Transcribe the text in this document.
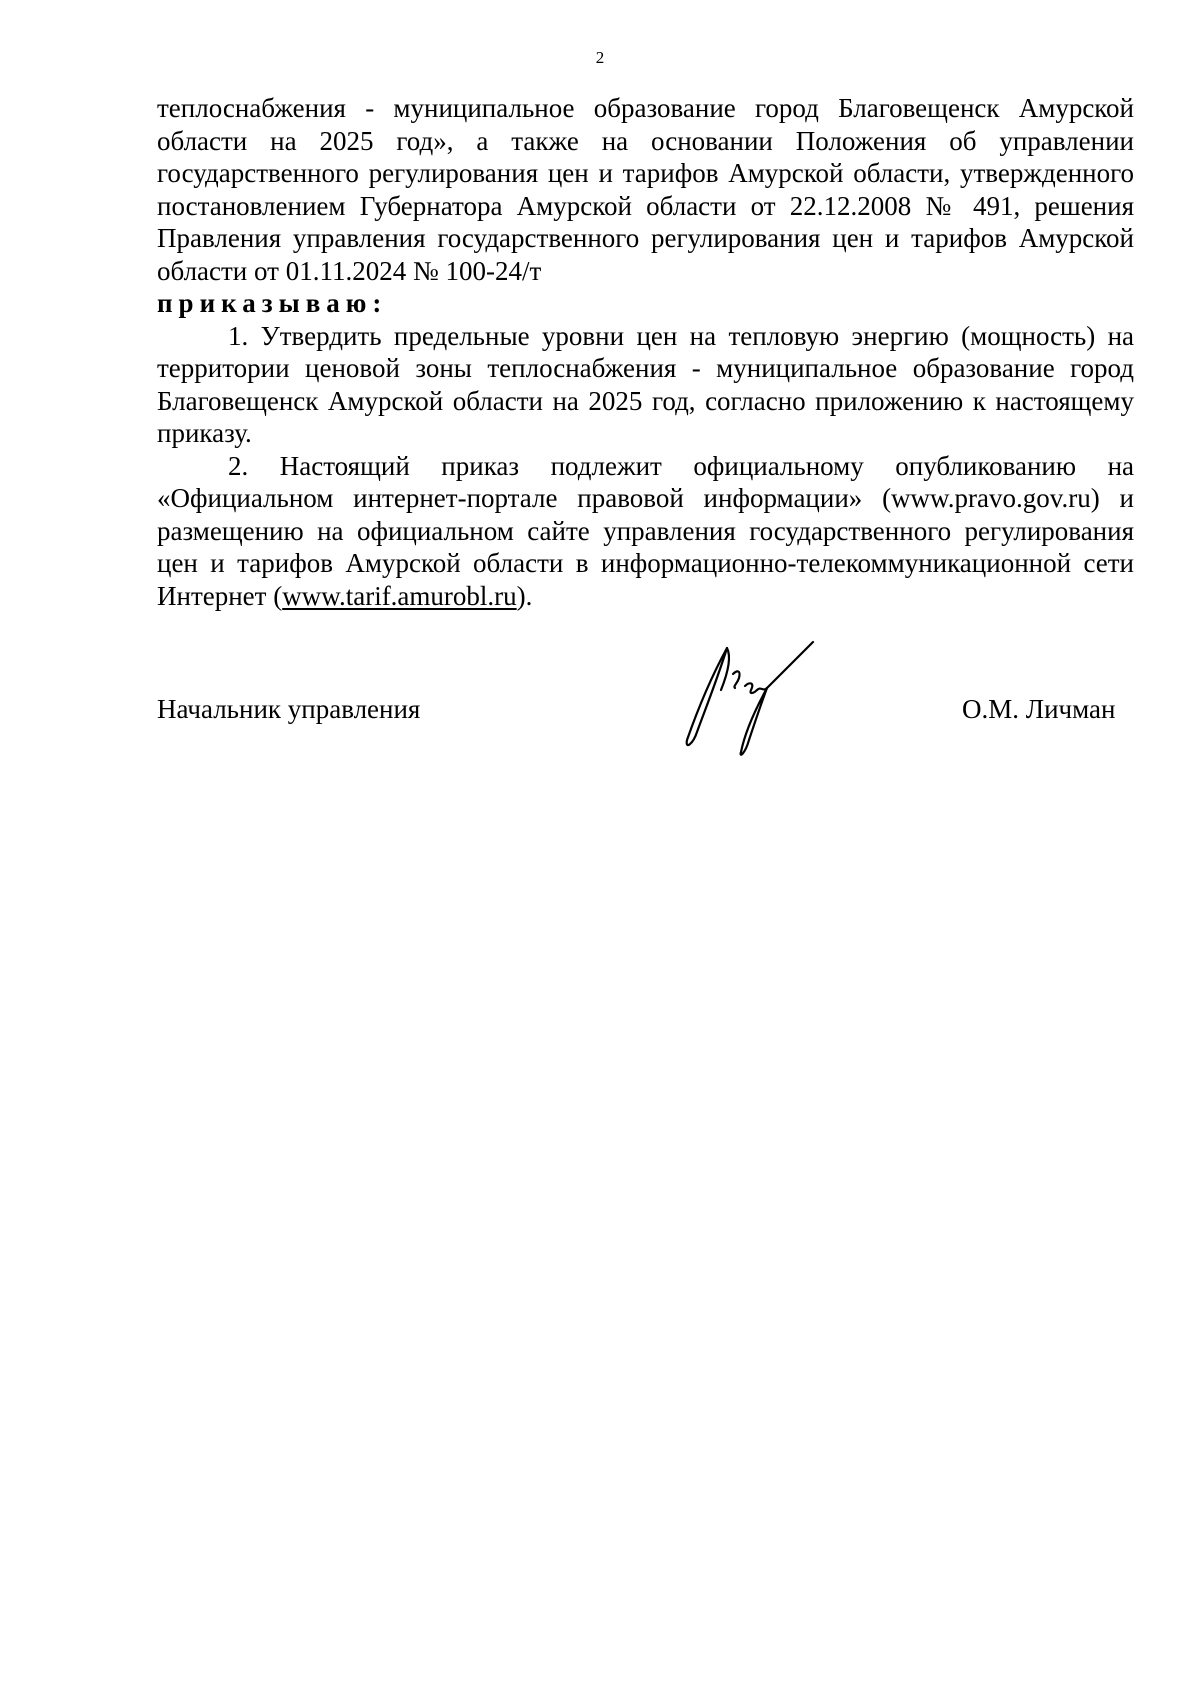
2

теплоснабжения - муниципальное образование город Благовещенск Амурской области на 2025 год», а также на основании Положения об управлении государственного регулирования цен и тарифов Амурской области, утвержденного постановлением Губернатора Амурской области от 22.12.2008 № 491, решения Правления управления государственного регулирования цен и тарифов Амурской области от 01.11.2024 № 100-24/т

приказываю:

1. Утвердить предельные уровни цен на тепловую энергию (мощность) на территории ценовой зоны теплоснабжения - муниципальное образование город Благовещенск Амурской области на 2025 год, согласно приложению к настоящему приказу.

2. Настоящий приказ подлежит официальному опубликованию на «Официальном интернет-портале правовой информации» (www.pravo.gov.ru) и размещению на официальном сайте управления государственного регулирования цен и тарифов Амурской области в информационно-телекоммуникационной сети Интернет (www.tarif.amurobl.ru).

Начальник управления	О.М. Личман
